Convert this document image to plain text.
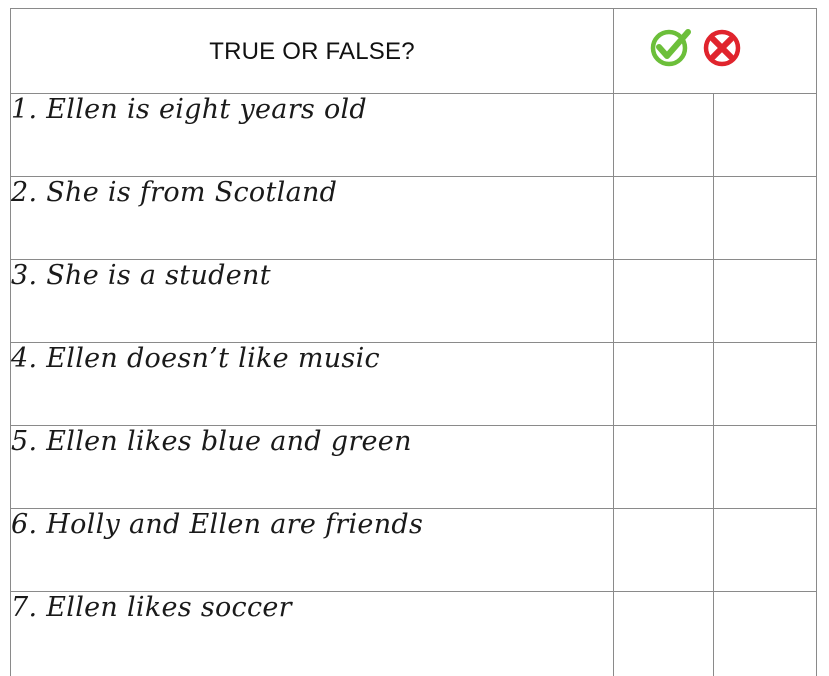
TRUE OR FALSE?	

1. Ellen is eight years old		
2. She is from Scotland		
3. She is a student		
4. Ellen doesn’t like music		
5. Ellen likes blue and green		
6. Holly and Ellen are friends		
7. Ellen likes soccer		
